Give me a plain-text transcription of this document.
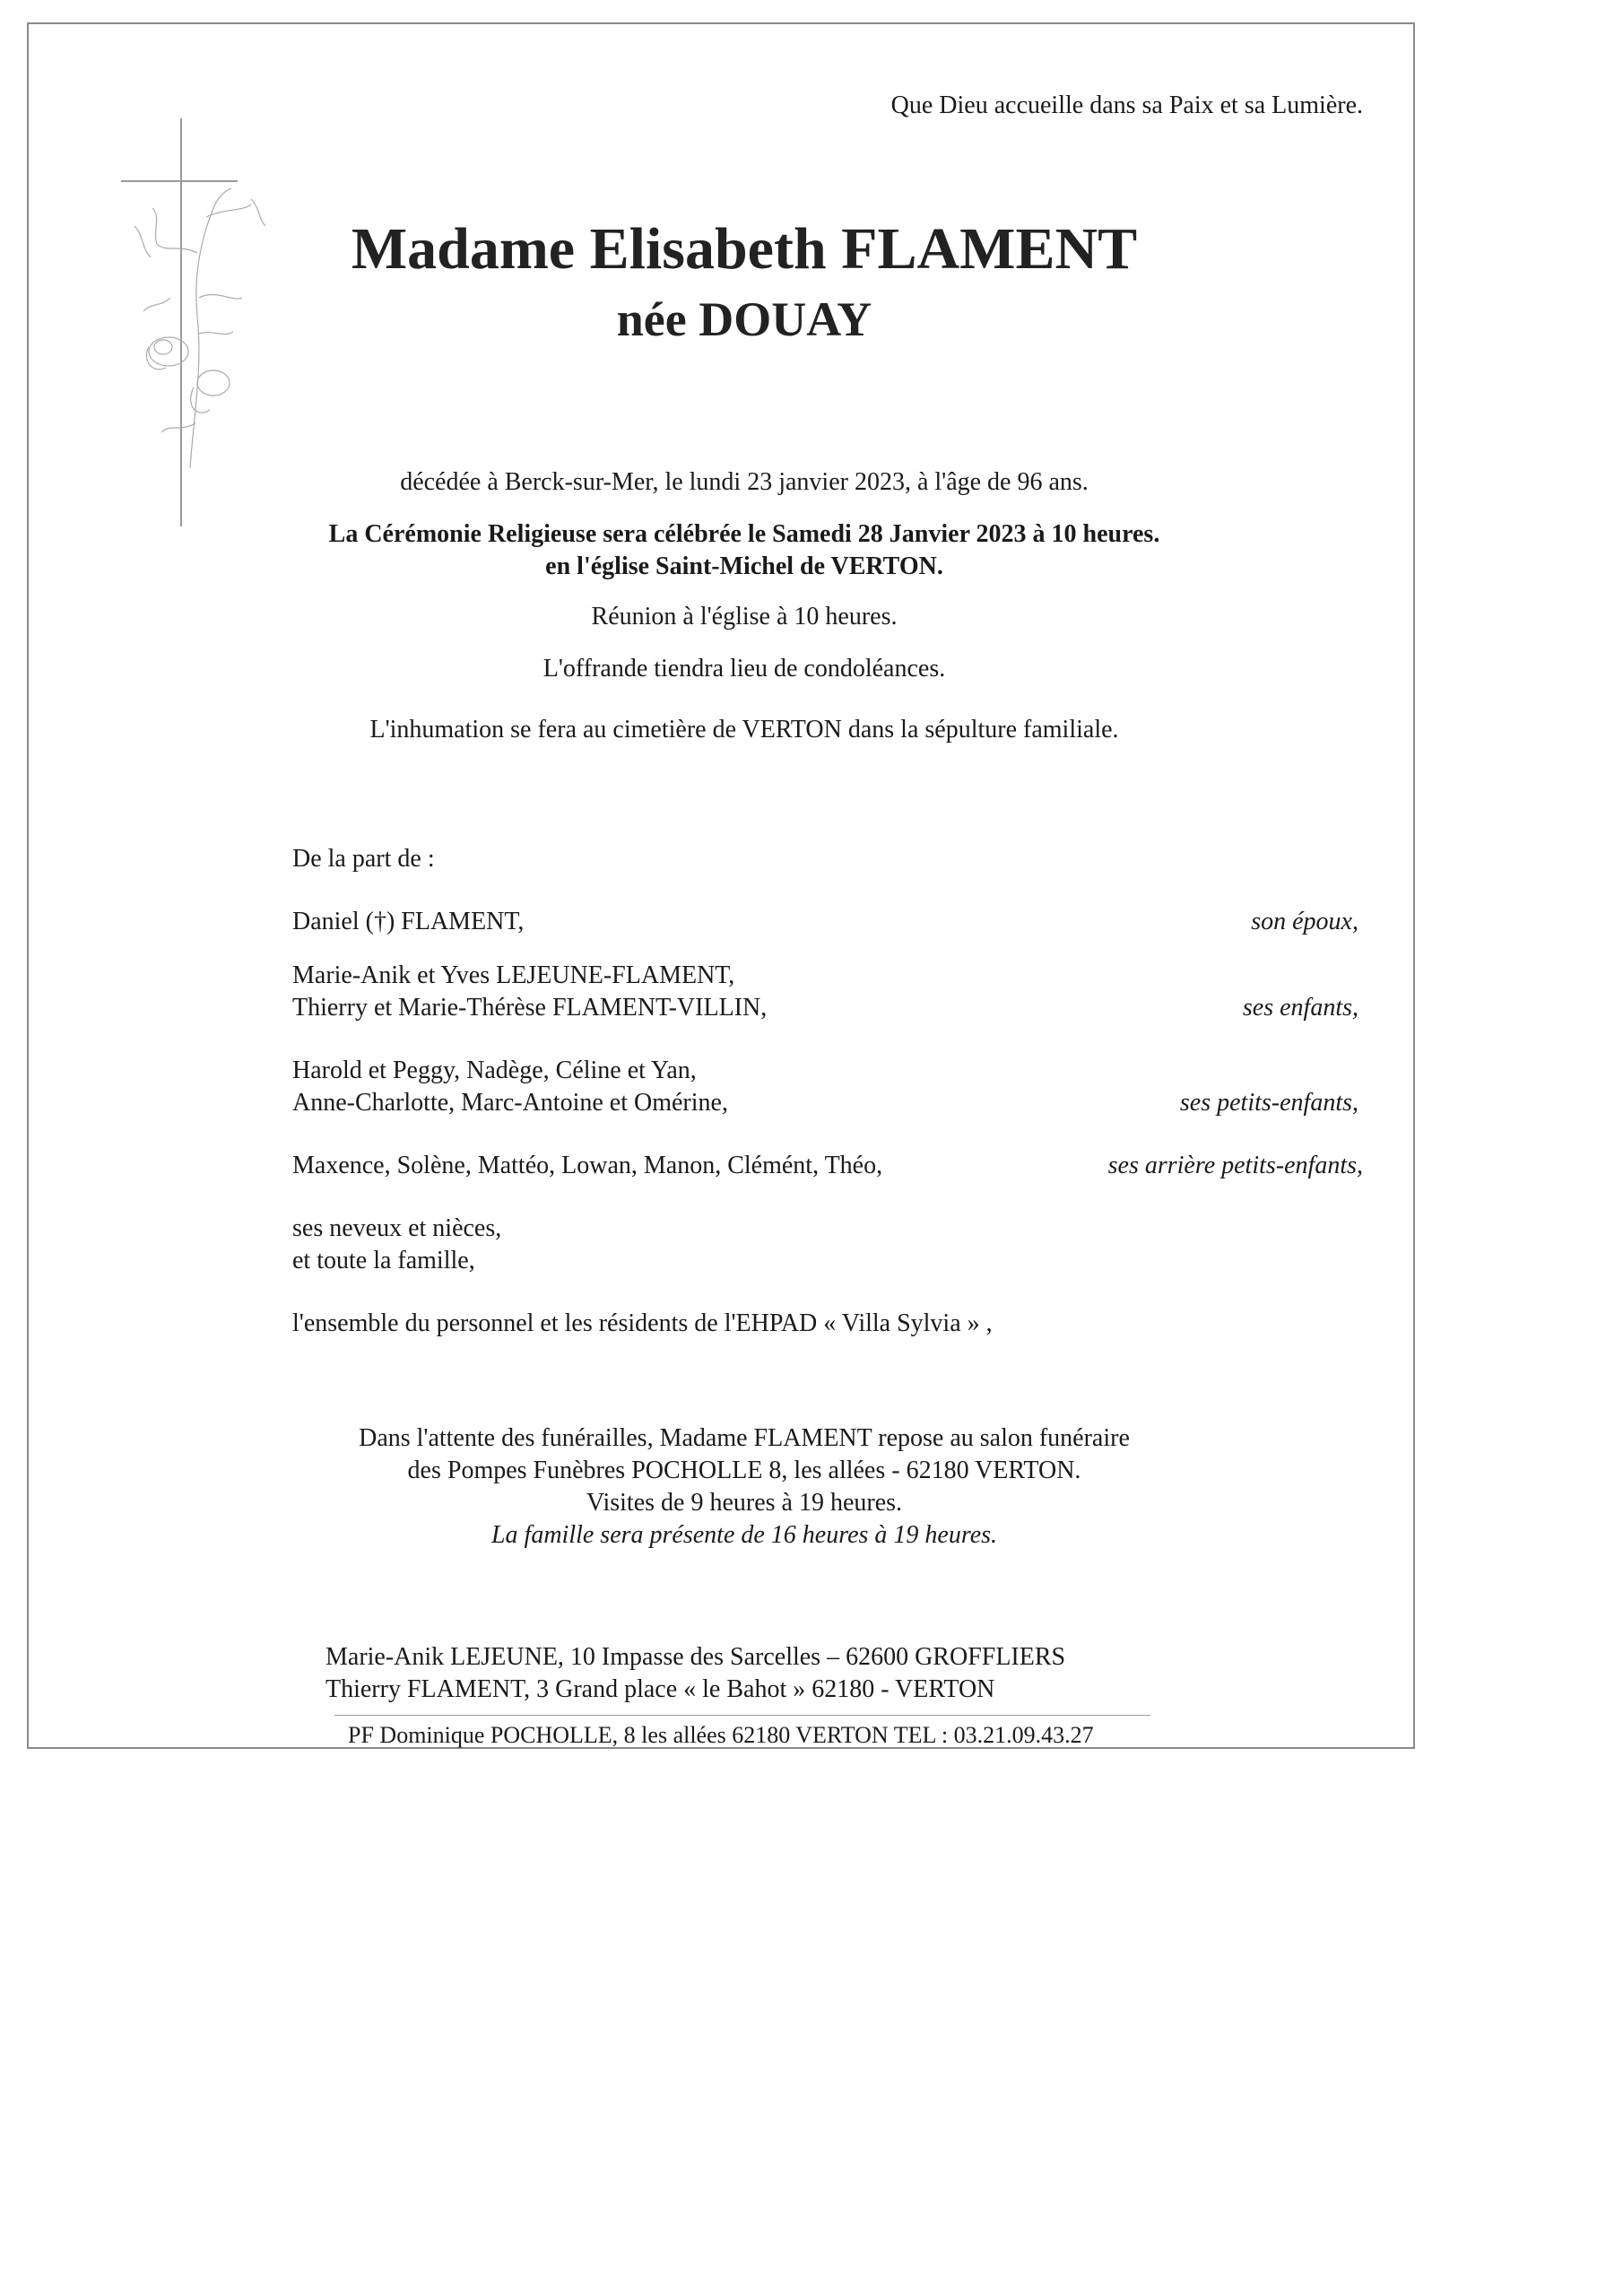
Que Dieu accueille dans sa Paix et sa Lumière.
Madame Elisabeth FLAMENT
née DOUAY
décédée à Berck-sur-Mer, le lundi 23 janvier 2023, à l'âge de 96 ans.
La Cérémonie Religieuse sera célébrée le Samedi 28 Janvier 2023 à 10 heures.
en l'église Saint-Michel de VERTON.
Réunion à l'église à 10 heures.
L'offrande tiendra lieu de condoléances.
L'inhumation se fera au cimetière de VERTON dans la sépulture familiale.
De la part de :
Daniel (†) FLAMENT,	son époux,
Marie-Anik et Yves LEJEUNE-FLAMENT,
Thierry et Marie-Thérèse FLAMENT-VILLIN,	ses enfants,
Harold et Peggy, Nadège, Céline et Yan,
Anne-Charlotte, Marc-Antoine et Omérine,	ses petits-enfants,
Maxence, Solène, Mattéo, Lowan, Manon, Clémént, Théo,	ses arrière petits-enfants,
ses neveux et nièces,
et toute la famille,
l'ensemble du personnel et les résidents de l'EHPAD « Villa Sylvia » ,
Dans l'attente des funérailles, Madame FLAMENT repose au salon funéraire
des Pompes Funèbres POCHOLLE 8, les allées - 62180 VERTON.
Visites de 9 heures à 19 heures.
La famille sera présente de 16 heures à 19 heures.
Marie-Anik LEJEUNE, 10 Impasse des Sarcelles – 62600 GROFFLIERS
Thierry FLAMENT, 3 Grand place « le Bahot » 62180 - VERTON
PF Dominique POCHOLLE, 8 les allées 62180 VERTON TEL : 03.21.09.43.27
